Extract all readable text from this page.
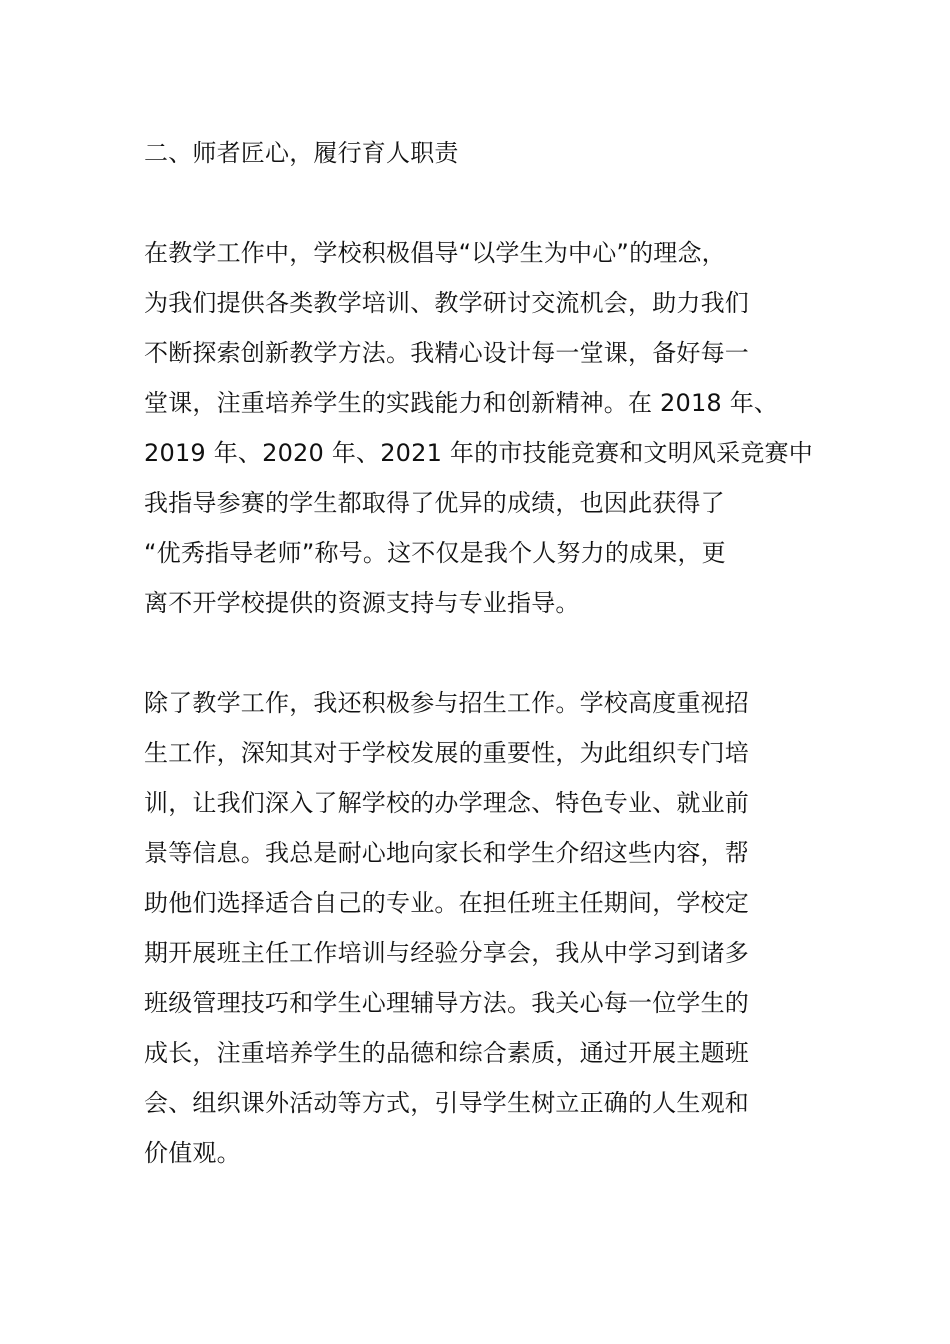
二、师者匠心，履行育人职责

在教学工作中，学校积极倡导“以学生为中心”的理念，
为我们提供各类教学培训、教学研讨交流机会，助力我们
不断探索创新教学方法。我精心设计每一堂课，备好每一
堂课，注重培养学生的实践能力和创新精神。在 2018 年、
2019 年、2020 年、2021 年的市技能竞赛和文明风采竞赛中
我指导参赛的学生都取得了优异的成绩，也因此获得了
“优秀指导老师”称号。这不仅是我个人努力的成果，更
离不开学校提供的资源支持与专业指导。

除了教学工作，我还积极参与招生工作。学校高度重视招
生工作，深知其对于学校发展的重要性，为此组织专门培
训，让我们深入了解学校的办学理念、特色专业、就业前
景等信息。我总是耐心地向家长和学生介绍这些内容，帮
助他们选择适合自己的专业。在担任班主任期间，学校定
期开展班主任工作培训与经验分享会，我从中学习到诸多
班级管理技巧和学生心理辅导方法。我关心每一位学生的
成长，注重培养学生的品德和综合素质，通过开展主题班
会、组织课外活动等方式，引导学生树立正确的人生观和
价值观。
